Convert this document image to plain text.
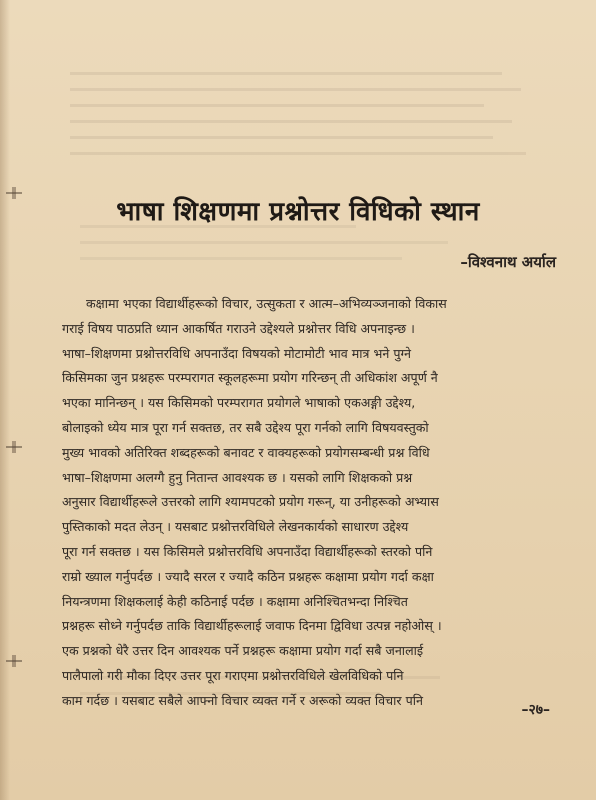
भाषा शिक्षणमा प्रश्नोत्तर विधिको स्थान
–विश्‍वनाथ अर्याल
कक्षामा भएका विद्यार्थीहरूको विचार, उत्सुकता र आत्म–अभिव्यञ्जनाको विकास
गराई विषय पाठप्रति ध्यान आकर्षित गराउने उद्देश्यले प्रश्नोत्तर विधि अपनाइन्छ ।
भाषा–शिक्षणमा प्रश्नोत्तरविधि अपनाउँदा विषयको मोटामोटी भाव मात्र भने पुग्ने
किसिमका जुन प्रश्नहरू परम्परागत स्कूलहरूमा प्रयोग गरिन्छन् ती अधिकांश अपूर्ण नै
भएका मानिन्छन् । यस किसिमको परम्परागत प्रयोगले भाषाको एकअङ्गी उद्देश्य,
बोलाइको ध्येय मात्र पूरा गर्न सक्तछ, तर सबै उद्देश्य पूरा गर्नको लागि विषयवस्तुको
मुख्य भावको अतिरिक्त शब्दहरूको बनावट र वाक्यहरूको प्रयोगसम्बन्धी प्रश्न विधि
भाषा–शिक्षणमा अलग्गै हुनु नितान्त आवश्यक छ । यसको लागि शिक्षकको प्रश्न
अनुसार विद्यार्थीहरूले उत्तरको लागि श्यामपटको प्रयोग गरून्, या उनीहरूको अभ्यास
पुस्तिकाको मदत लेउन् । यसबाट प्रश्नोत्तरविधिले लेखनकार्यको साधारण उद्देश्य
पूरा गर्न सक्तछ । यस किसिमले प्रश्नोत्तरविधि अपनाउँदा विद्यार्थीहरूको स्तरको पनि
राम्रो ख्याल गर्नुपर्दछ । ज्यादै सरल र ज्यादै कठिन प्रश्नहरू कक्षामा प्रयोग गर्दा कक्षा
नियन्त्रणमा शिक्षकलाई केही कठिनाई पर्दछ । कक्षामा अनिश्चितभन्दा निश्चित
प्रश्नहरू सोध्ने गर्नुपर्दछ ताकि विद्यार्थीहरूलाई जवाफ दिनमा द्विविधा उत्पन्न नहोओस् ।
एक प्रश्नको धेरै उत्तर दिन आवश्यक पर्ने प्रश्नहरू कक्षामा प्रयोग गर्दा सबै जनालाई
पालैपालो गरी मौका दिएर उत्तर पूरा गराएमा प्रश्नोत्तरविधिले खेलविधिको पनि
काम गर्दछ । यसबाट सबैले आफ्नो विचार व्यक्त गर्ने र अरूको व्यक्त विचार पनि
–२७–
